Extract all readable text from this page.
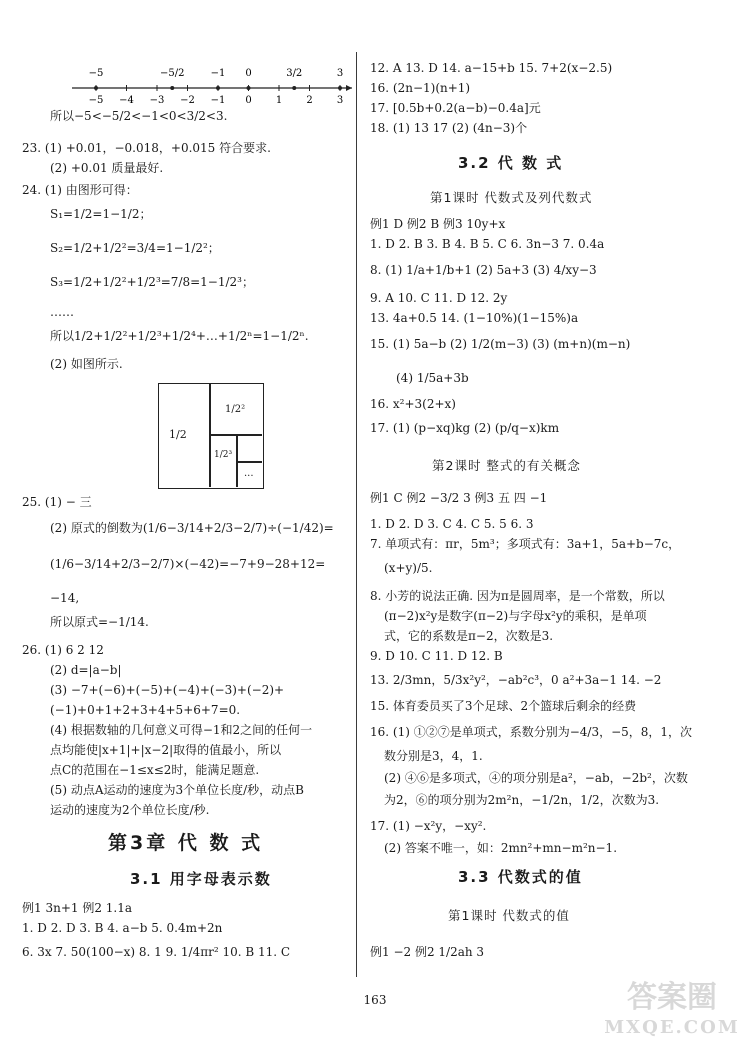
−5 −4 −3 −2 −1 0 1 2 3
−5	−5/2	−1 0	3/2	3
所以−5<−5/2<−1<0<3/2<3.
23. (1) +0.01，−0.018，+0.015 符合要求.
(2) +0.01 质量最好.
24. (1) 由图形可得：
S₁=1/2=1−1/2；
S₂=1/2+1/2²=3/4=1−1/2²；
S₃=1/2+1/2²+1/2³=7/8=1−1/2³；
……
所以1/2+1/2²+1/2³+1/2⁴+…+1/2ⁿ=1−1/2ⁿ.
(2) 如图所示.
1/2
1/2²
1/2³
...
25. (1) − 三
(2) 原式的倒数为(1/6−3/14+2/3−2/7)÷(−1/42)=
(1/6−3/14+2/3−2/7)×(−42)=−7+9−28+12=
−14,
所以原式=−1/14.
26. (1) 6 2 12
(2) d=|a−b|
(3) −7+(−6)+(−5)+(−4)+(−3)+(−2)+
(−1)+0+1+2+3+4+5+6+7=0.
(4) 根据数轴的几何意义可得−1和2之间的任何一
点均能使|x+1|+|x−2|取得的值最小，所以
点C的范围在−1≤x≤2时，能满足题意.
(5) 动点A运动的速度为3个单位长度/秒，动点B
运动的速度为2个单位长度/秒.
第3章 代 数 式
3.1 用字母表示数
例1 3n+1 例2 1.1a
1. D 2. D 3. B 4. a−b 5. 0.4m+2n
6. 3x 7. 50(100−x) 8. 1 9. 1/4πr² 10. B 11. C
12. A 13. D 14. a−15+b 15. 7+2(x−2.5)
16. (2n−1)(n+1)
17. [0.5b+0.2(a−b)−0.4a]元
18. (1) 13 17 (2) (4n−3)个
3.2 代 数 式
第1课时 代数式及列代数式
例1 D 例2 B 例3 10y+x
1. D 2. B 3. B 4. B 5. C 6. 3n−3 7. 0.4a
8. (1) 1/a+1/b+1 (2) 5a+3 (3) 4/xy−3
9. A 10. C 11. D 12. 2y
13. 4a+0.5 14. (1−10%)(1−15%)a
15. (1) 5a−b (2) 1/2(m−3) (3) (m+n)(m−n)
(4) 1/5a+3b
16. x²+3(2+x)
17. (1) (p−xq)kg (2) (p/q−x)km
第2课时 整式的有关概念
例1 C 例2 −3/2 3 例3 五 四 −1
1. D 2. D 3. C 4. C 5. 5 6. 3
7. 单项式有：πr，5m³；多项式有：3a+1，5a+b−7c，
(x+y)/5.
8. 小芳的说法正确. 因为π是圆周率，是一个常数，所以
(π−2)x²y是数字(π−2)与字母x²y的乘积，是单项
式，它的系数是π−2，次数是3.
9. D 10. C 11. D 12. B
13. 2/3mn，5/3x²y²，−ab²c³，0 a²+3a−1 14. −2
15. 体育委员买了3个足球、2个篮球后剩余的经费
16. (1) ①②⑦是单项式，系数分别为−4/3，−5，8，1，次
数分别是3，4，1.
(2) ④⑥是多项式，④的项分别是a²，−ab，−2b²，次数
为2，⑥的项分别为2m²n，−1/2n，1/2，次数为3.
17. (1) −x²y，−xy².
(2) 答案不唯一，如：2mn²+mn−m²n−1.
3.3 代数式的值
第1课时 代数式的值
例1 −2 例2 1/2ah 3
163	答案圈
MXQE.COM
